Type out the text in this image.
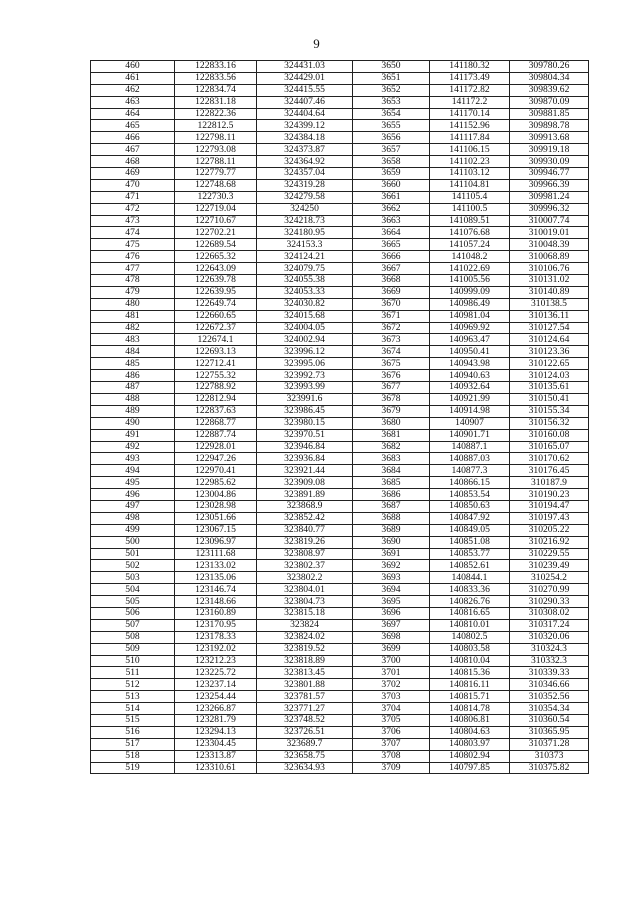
9
460	122833.16	324431.03	3650	141180.32	309780.26
461	122833.56	324429.01	3651	141173.49	309804.34
462	122834.74	324415.55	3652	141172.82	309839.62
463	122831.18	324407.46	3653	141172.2	309870.09
464	122822.36	324404.64	3654	141170.14	309881.85
465	122812.5	324399.12	3655	141152.96	309898.78
466	122798.11	324384.18	3656	141117.84	309913.68
467	122793.08	324373.87	3657	141106.15	309919.18
468	122788.11	324364.92	3658	141102.23	309930.09
469	122779.77	324357.04	3659	141103.12	309946.77
470	122748.68	324319.28	3660	141104.81	309966.39
471	122730.3	324279.58	3661	141105.4	309981.24
472	122719.04	324250	3662	141100.5	309996.32
473	122710.67	324218.73	3663	141089.51	310007.74
474	122702.21	324180.95	3664	141076.68	310019.01
475	122689.54	324153.3	3665	141057.24	310048.39
476	122665.32	324124.21	3666	141048.2	310068.89
477	122643.09	324079.75	3667	141022.69	310106.76
478	122639.78	324055.38	3668	141005.56	310131.02
479	122639.95	324053.33	3669	140999.09	310140.89
480	122649.74	324030.82	3670	140986.49	310138.5
481	122660.65	324015.68	3671	140981.04	310136.11
482	122672.37	324004.05	3672	140969.92	310127.54
483	122674.1	324002.94	3673	140963.47	310124.64
484	122693.13	323996.12	3674	140950.41	310123.36
485	122712.41	323995.06	3675	140943.98	310122.65
486	122755.32	323992.73	3676	140940.63	310124.03
487	122788.92	323993.99	3677	140932.64	310135.61
488	122812.94	323991.6	3678	140921.99	310150.41
489	122837.63	323986.45	3679	140914.98	310155.34
490	122868.77	323980.15	3680	140907	310156.32
491	122887.74	323970.51	3681	140901.71	310160.08
492	122928.01	323946.84	3682	140887.1	310165.07
493	122947.26	323936.84	3683	140887.03	310170.62
494	122970.41	323921.44	3684	140877.3	310176.45
495	122985.62	323909.08	3685	140866.15	310187.9
496	123004.86	323891.89	3686	140853.54	310190.23
497	123028.98	323868.9	3687	140850.63	310194.47
498	123051.66	323852.42	3688	140847.92	310197.43
499	123067.15	323840.77	3689	140849.05	310205.22
500	123096.97	323819.26	3690	140851.08	310216.92
501	123111.68	323808.97	3691	140853.77	310229.55
502	123133.02	323802.37	3692	140852.61	310239.49
503	123135.06	323802.2	3693	140844.1	310254.2
504	123146.74	323804.01	3694	140833.36	310270.99
505	123148.66	323804.73	3695	140826.76	310290.33
506	123160.89	323815.18	3696	140816.65	310308.02
507	123170.95	323824	3697	140810.01	310317.24
508	123178.33	323824.02	3698	140802.5	310320.06
509	123192.02	323819.52	3699	140803.58	310324.3
510	123212.23	323818.89	3700	140810.04	310332.3
511	123225.72	323813.45	3701	140815.36	310339.33
512	123237.14	323801.88	3702	140816.11	310346.66
513	123254.44	323781.57	3703	140815.71	310352.56
514	123266.87	323771.27	3704	140814.78	310354.34
515	123281.79	323748.52	3705	140806.81	310360.54
516	123294.13	323726.51	3706	140804.63	310365.95
517	123304.45	323689.7	3707	140803.97	310371.28
518	123313.87	323658.75	3708	140802.94	310373
519	123310.61	323634.93	3709	140797.85	310375.82
